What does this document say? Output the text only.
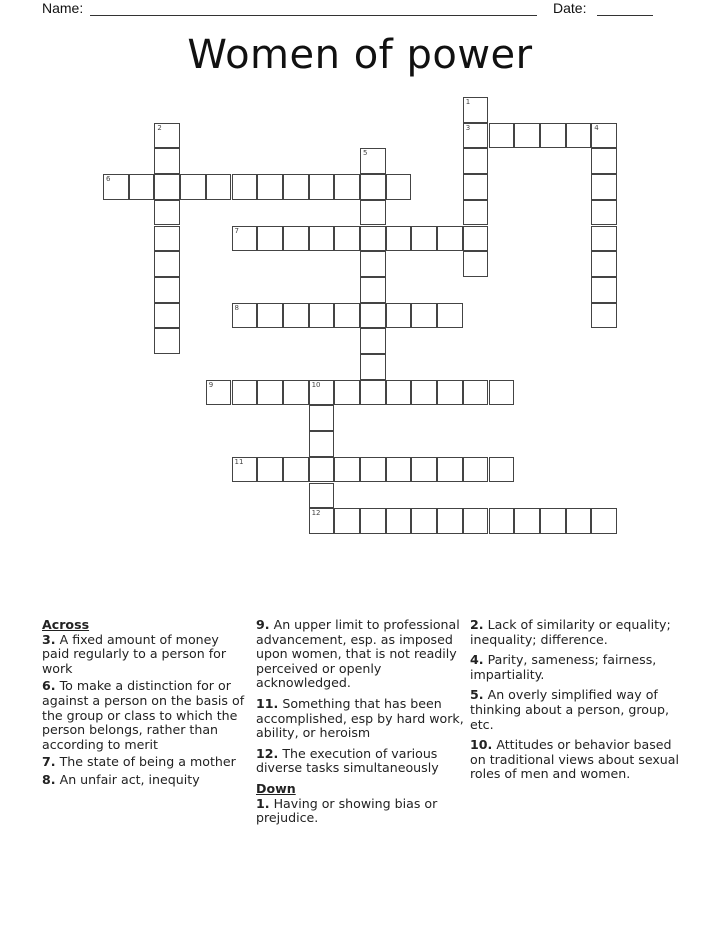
Name:	Date:
Women of power
1
3
2	4
5
6
7
8
9	10
12
11
Across
3. A fixed amount of money paid regularly to a person for work
6. To make a distinction for or against a person on the basis of the group or class to which the person belongs, rather than according to merit
7. The state of being a mother
8. An unfair act, inequity
9. An upper limit to professional advancement, esp. as imposed upon women, that is not readily perceived or openly acknowledged.
11. Something that has been accomplished, esp by hard work, ability, or heroism
12. The execution of various diverse tasks simultaneously
Down
1. Having or showing bias or prejudice.
2. Lack of similarity or equality; inequality; difference.
4. Parity, sameness; fairness, impartiality.
5. An overly simplified way of thinking about a person, group, etc.
10. Attitudes or behavior based on traditional views about sexual roles of men and women.
